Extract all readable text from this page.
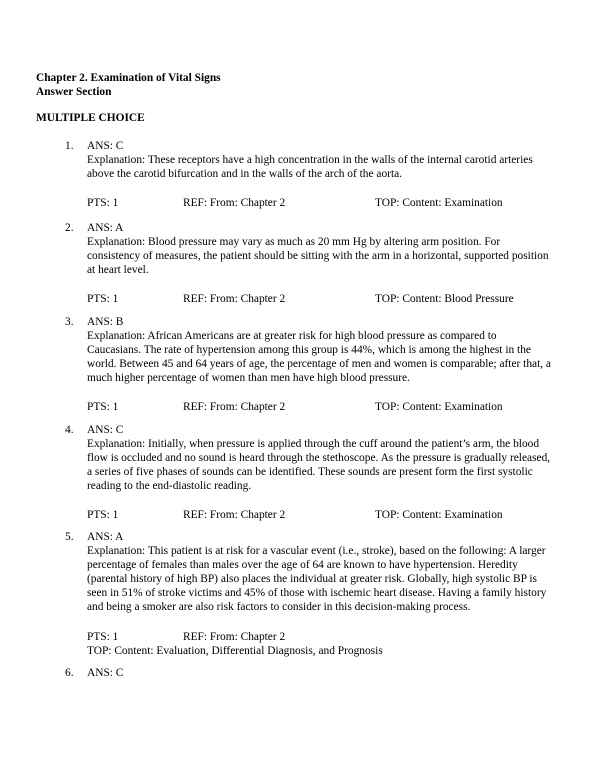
Chapter 2. Examination of Vital Signs
Answer Section
MULTIPLE CHOICE
1. ANS: C
Explanation: These receptors have a high concentration in the walls of the internal carotid arteries above the carotid bifurcation and in the walls of the arch of the aorta.
PTS: 1	REF: From: Chapter 2	TOP: Content: Examination
2. ANS: A
Explanation: Blood pressure may vary as much as 20 mm Hg by altering arm position. For consistency of measures, the patient should be sitting with the arm in a horizontal, supported position at heart level.
PTS: 1	REF: From: Chapter 2	TOP: Content: Blood Pressure
3. ANS: B
Explanation: African Americans are at greater risk for high blood pressure as compared to Caucasians. The rate of hypertension among this group is 44%, which is among the highest in the world. Between 45 and 64 years of age, the percentage of men and women is comparable; after that, a much higher percentage of women than men have high blood pressure.
PTS: 1	REF: From: Chapter 2	TOP: Content: Examination
4. ANS: C
Explanation: Initially, when pressure is applied through the cuff around the patient’s arm, the blood flow is occluded and no sound is heard through the stethoscope. As the pressure is gradually released, a series of five phases of sounds can be identified. These sounds are present form the first systolic reading to the end-diastolic reading.
PTS: 1	REF: From: Chapter 2	TOP: Content: Examination
5. ANS: A
Explanation: This patient is at risk for a vascular event (i.e., stroke), based on the following: A larger percentage of females than males over the age of 64 are known to have hypertension. Heredity (parental history of high BP) also places the individual at greater risk. Globally, high systolic BP is seen in 51% of stroke victims and 45% of those with ischemic heart disease. Having a family history and being a smoker are also risk factors to consider in this decision-making process.
PTS: 1	REF: From: Chapter 2
TOP: Content: Evaluation, Differential Diagnosis, and Prognosis
6. ANS: C
